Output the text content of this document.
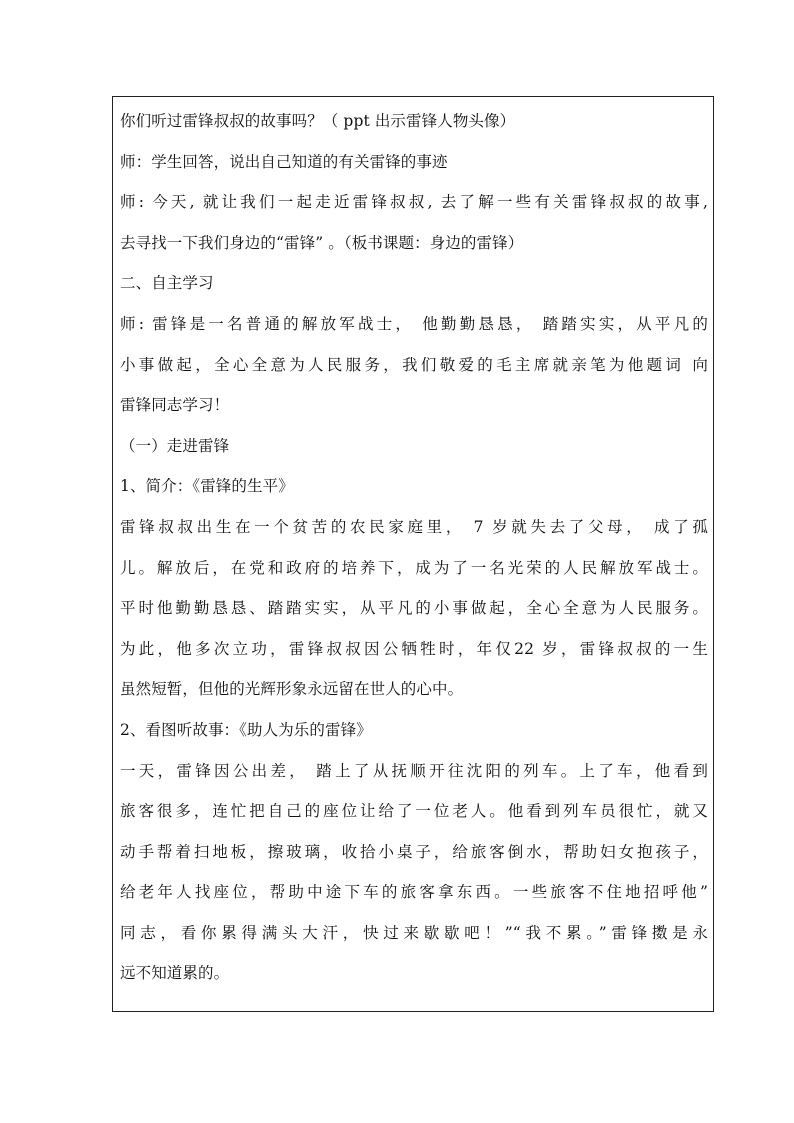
你们听过雷锋叔叔的故事吗？（ ppt 出示雷锋人物头像）
师：学生回答，说出自己知道的有关雷锋的事迹
师: 今天, 就让我们一起走近雷锋叔叔, 去了解一些有关雷锋叔叔的故事,
去寻找一下我们身边的“雷锋” 。（板书课题：身边的雷锋）
二、自主学习
师: 雷锋是一名普通的解放军战士， 他勤勤恳恳， 踏踏实实，从平凡的
小事做起，全心全意为人民服务，我们敬爱的毛主席就亲笔为他题词 向
雷锋同志学习！
（一）走进雷锋
1、简介：《雷锋的生平》
雷锋叔叔出生在一个贫苦的农民家庭里， 7 岁就失去了父母， 成了孤
儿。解放后，在党和政府的培养下，成为了一名光荣的人民解放军战士。
平时他勤勤恳恳、踏踏实实，从平凡的小事做起，全心全意为人民服务。
为此，他多次立功，雷锋叔叔因公牺牲时，年仅22 岁，雷锋叔叔的一生
虽然短暂，但他的光辉形象永远留在世人的心中。
2、看图听故事：《助人为乐的雷锋》
一天，雷锋因公出差， 踏上了从抚顺开往沈阳的列车。上了车，他看到
旅客很多，连忙把自己的座位让给了一位老人。他看到列车员很忙，就又
动手帮着扫地板，擦玻璃，收拾小桌子，给旅客倒水，帮助妇女抱孩子，
给老年人找座位，帮助中途下车的旅客拿东西。一些旅客不住地招呼他”
同志，看你累得满头大汗，快过来歇歇吧！”“我不累。”雷锋擞是永
远不知道累的。
